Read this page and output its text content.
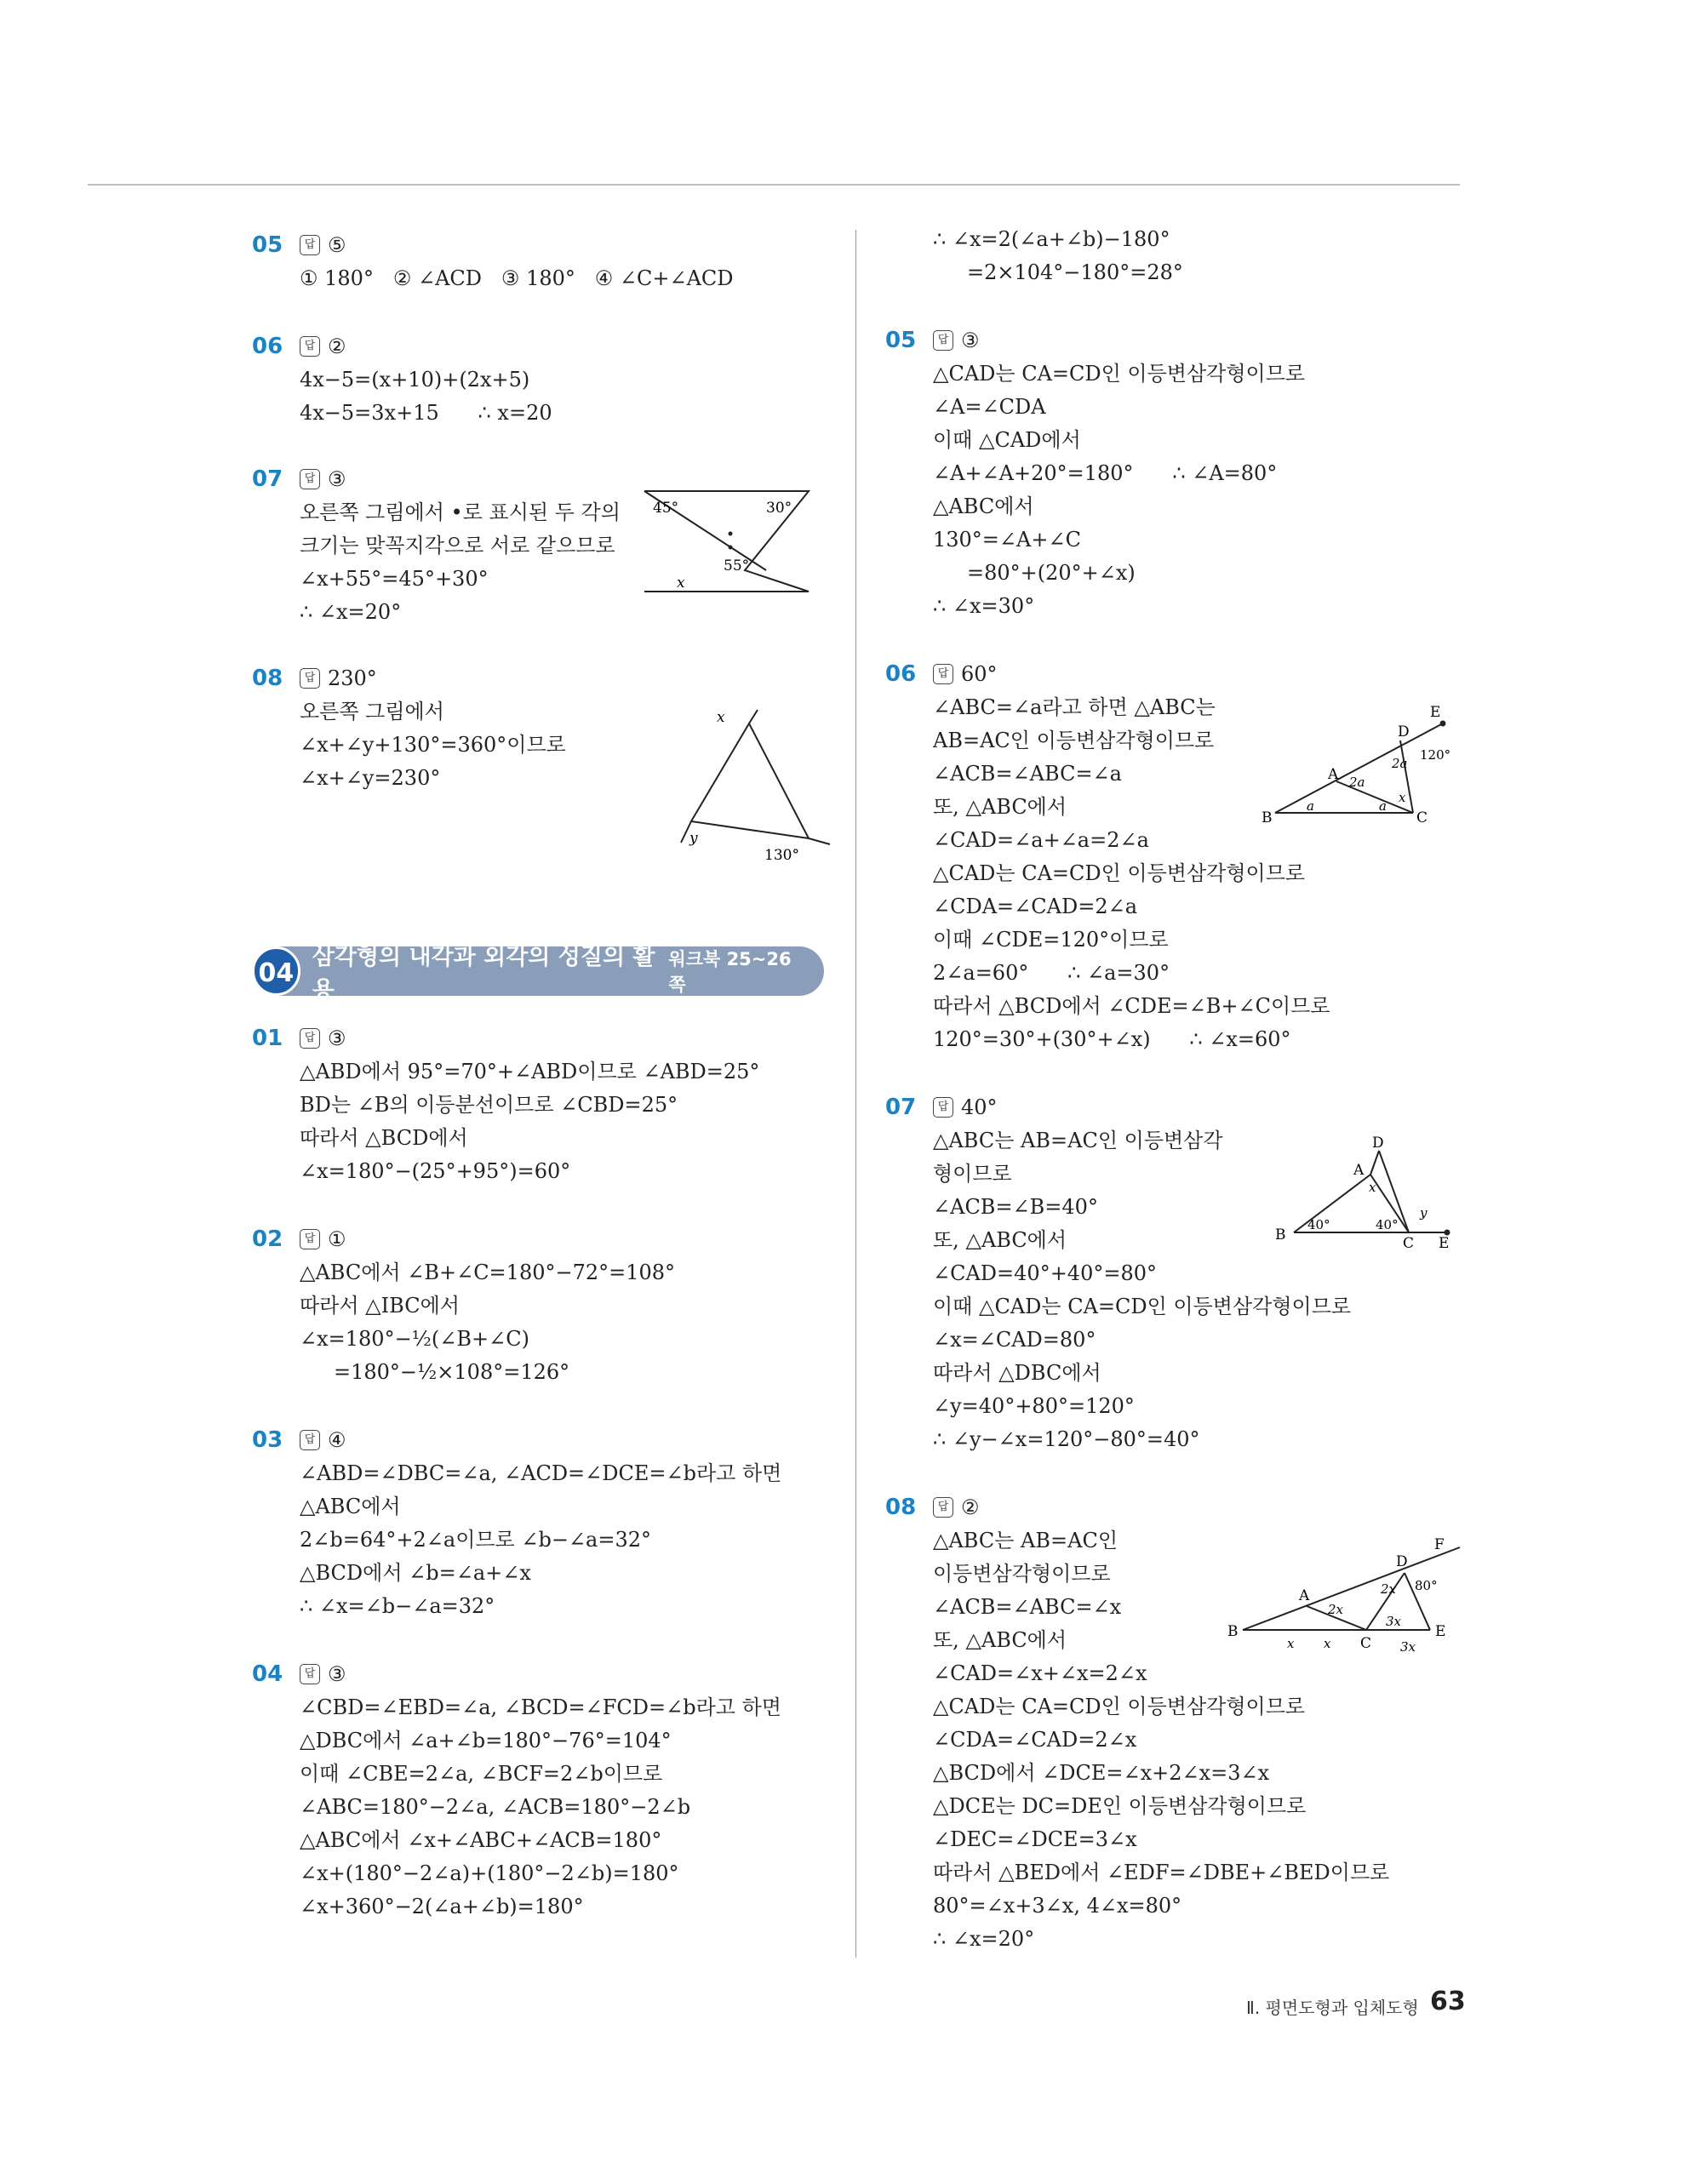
05	답 ⑤
① 180°   ② ∠ACD   ③ 180°   ④ ∠C+∠ACD
06	답 ②
4x−5=(x+10)+(2x+5)
4x−5=3x+15      ∴ x=20
07	답 ③
오른쪽 그림에서 •로 표시된 두 각의
크기는 맞꼭지각으로 서로 같으므로
∠x+55°=45°+30°
∴ ∠x=20°
08	답 230°
오른쪽 그림에서
∠x+∠y+130°=360°이므로
∠x+∠y=230°
04
삼각형의 내각과 외각의 성질의 활용
워크북 25~26쪽
01	답 ③
△ABD에서 95°=70°+∠ABD이므로 ∠ABD=25°
BD는 ∠B의 이등분선이므로 ∠CBD=25°
따라서 △BCD에서
∠x=180°−(25°+95°)=60°
02	답 ①
△ABC에서 ∠B+∠C=180°−72°=108°
따라서 △IBC에서
∠x=180°−½(∠B+∠C)
=180°−½×108°=126°
03	답 ④
∠ABD=∠DBC=∠a, ∠ACD=∠DCE=∠b라고 하면
△ABC에서
2∠b=64°+2∠a이므로 ∠b−∠a=32°
△BCD에서 ∠b=∠a+∠x
∴ ∠x=∠b−∠a=32°
04	답 ③
∠CBD=∠EBD=∠a, ∠BCD=∠FCD=∠b라고 하면
△DBC에서 ∠a+∠b=180°−76°=104°
이때 ∠CBE=2∠a, ∠BCF=2∠b이므로
∠ABC=180°−2∠a, ∠ACB=180°−2∠b
△ABC에서 ∠x+∠ABC+∠ACB=180°
∠x+(180°−2∠a)+(180°−2∠b)=180°
∠x+360°−2(∠a+∠b)=180°
∴ ∠x=2(∠a+∠b)−180°
=2×104°−180°=28°
05	답 ③
△CAD는 CA=CD인 이등변삼각형이므로
∠A=∠CDA
이때 △CAD에서
∠A+∠A+20°=180°      ∴ ∠A=80°
△ABC에서
130°=∠A+∠C
=80°+(20°+∠x)
∴ ∠x=30°
06	답 60°
∠ABC=∠a라고 하면 △ABC는
AB=AC인 이등변삼각형이므로
∠ACB=∠ABC=∠a
또, △ABC에서
∠CAD=∠a+∠a=2∠a
△CAD는 CA=CD인 이등변삼각형이므로
∠CDA=∠CAD=2∠a
이때 ∠CDE=120°이므로
2∠a=60°      ∴ ∠a=30°
따라서 △BCD에서 ∠CDE=∠B+∠C이므로
120°=30°+(30°+∠x)      ∴ ∠x=60°
07	답 40°
△ABC는 AB=AC인 이등변삼각
형이므로
∠ACB=∠B=40°
또, △ABC에서
∠CAD=40°+40°=80°
이때 △CAD는 CA=CD인 이등변삼각형이므로
∠x=∠CAD=80°
따라서 △DBC에서
∠y=40°+80°=120°
∴ ∠y−∠x=120°−80°=40°
08	답 ②
△ABC는 AB=AC인
이등변삼각형이므로
∠ACB=∠ABC=∠x
또, △ABC에서
∠CAD=∠x+∠x=2∠x
△CAD는 CA=CD인 이등변삼각형이므로
∠CDA=∠CAD=2∠x
△BCD에서 ∠DCE=∠x+2∠x=3∠x
△DCE는 DC=DE인 이등변삼각형이므로
∠DEC=∠DCE=3∠x
따라서 △BED에서 ∠EDF=∠DBE+∠BED이므로
80°=∠x+3∠x, 4∠x=80°
∴ ∠x=20°
45°	30°
55°
x
x
y
130°
E
D
120°
2a
A 2a
x
B
a	a
C
D
A
x
y
B
40°	40°
C E
F
D
80°
A
2x
2x
3x
B
x x C 3x
E
Ⅱ. 평면도형과 입체도형 63
